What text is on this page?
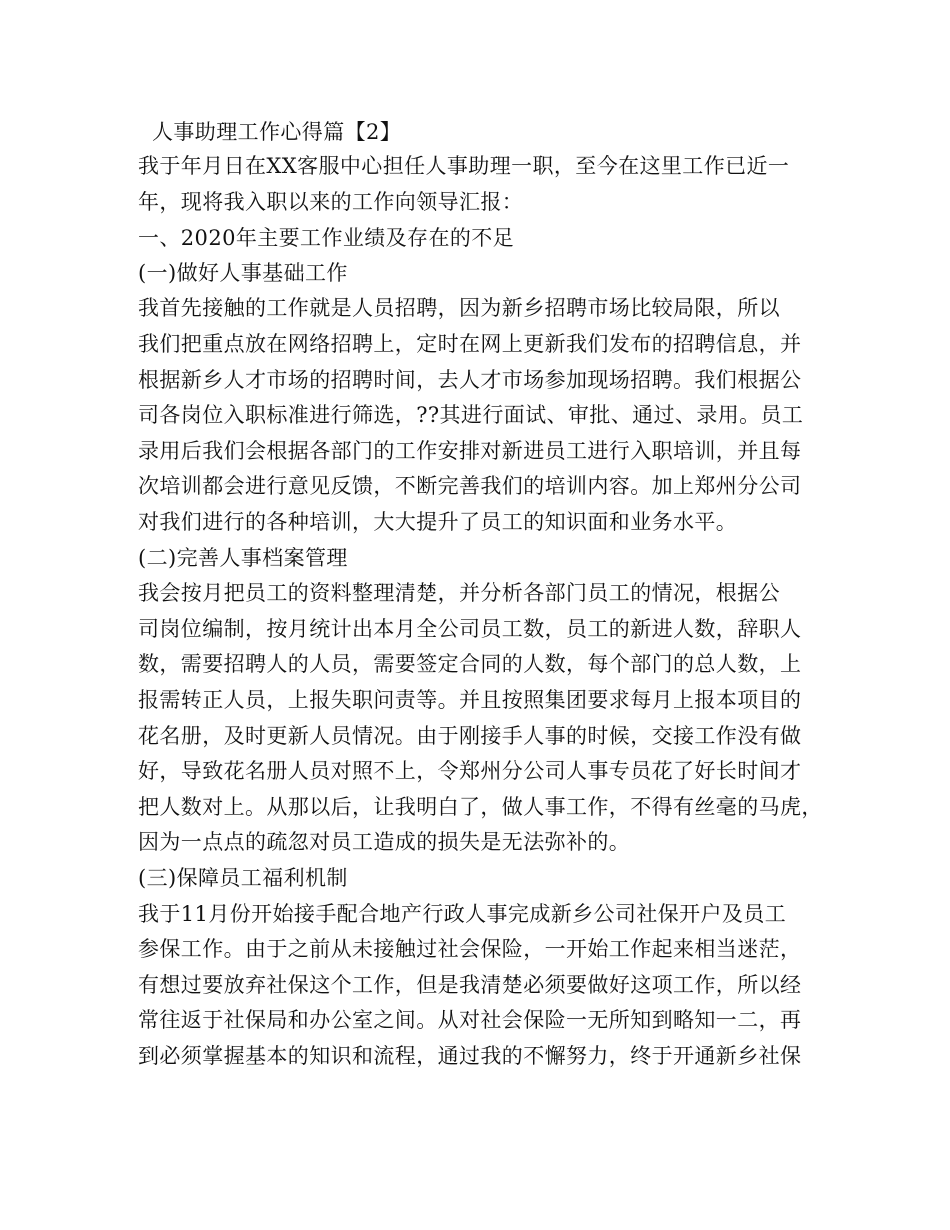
人事助理工作心得篇【2】
我于年月日在XX客服中心担任人事助理一职，至今在这里工作已近一
年，现将我入职以来的工作向领导汇报：
一、2020年主要工作业绩及存在的不足
(一)做好人事基础工作
我首先接触的工作就是人员招聘，因为新乡招聘市场比较局限，所以
我们把重点放在网络招聘上，定时在网上更新我们发布的招聘信息，并
根据新乡人才市场的招聘时间，去人才市场参加现场招聘。我们根据公
司各岗位入职标准进行筛选，??其进行面试、审批、通过、录用。员工
录用后我们会根据各部门的工作安排对新进员工进行入职培训，并且每
次培训都会进行意见反馈，不断完善我们的培训内容。加上郑州分公司
对我们进行的各种培训，大大提升了员工的知识面和业务水平。
(二)完善人事档案管理
我会按月把员工的资料整理清楚，并分析各部门员工的情况，根据公
司岗位编制，按月统计出本月全公司员工数，员工的新进人数，辞职人
数，需要招聘人的人员，需要签定合同的人数，每个部门的总人数，上
报需转正人员，上报失职问责等。并且按照集团要求每月上报本项目的
花名册，及时更新人员情况。由于刚接手人事的时候，交接工作没有做
好，导致花名册人员对照不上，令郑州分公司人事专员花了好长时间才
把人数对上。从那以后，让我明白了，做人事工作，不得有丝毫的马虎，
因为一点点的疏忽对员工造成的损失是无法弥补的。
(三)保障员工福利机制
我于11月份开始接手配合地产行政人事完成新乡公司社保开户及员工
参保工作。由于之前从未接触过社会保险，一开始工作起来相当迷茫，
有想过要放弃社保这个工作，但是我清楚必须要做好这项工作，所以经
常往返于社保局和办公室之间。从对社会保险一无所知到略知一二，再
到必须掌握基本的知识和流程，通过我的不懈努力，终于开通新乡社保
